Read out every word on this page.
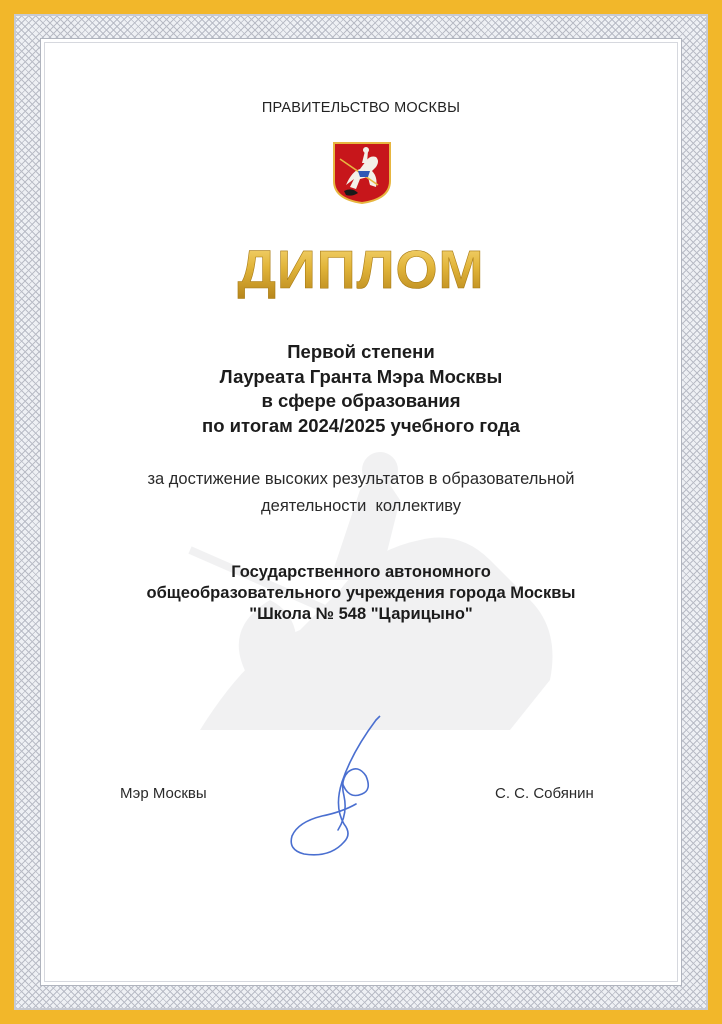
ПРАВИТЕЛЬСТВО МОСКВЫ
ДИПЛОМ
Первой степени
Лауреата Гранта Мэра Москвы
в сфере образования
по итогам 2024/2025 учебного года
за достижение высоких результатов в образовательной
деятельности  коллективу
Государственного автономного
общеобразовательного учреждения города Москвы
"Школа № 548 "Царицыно"
Мэр Москвы	С. С. Собянин
